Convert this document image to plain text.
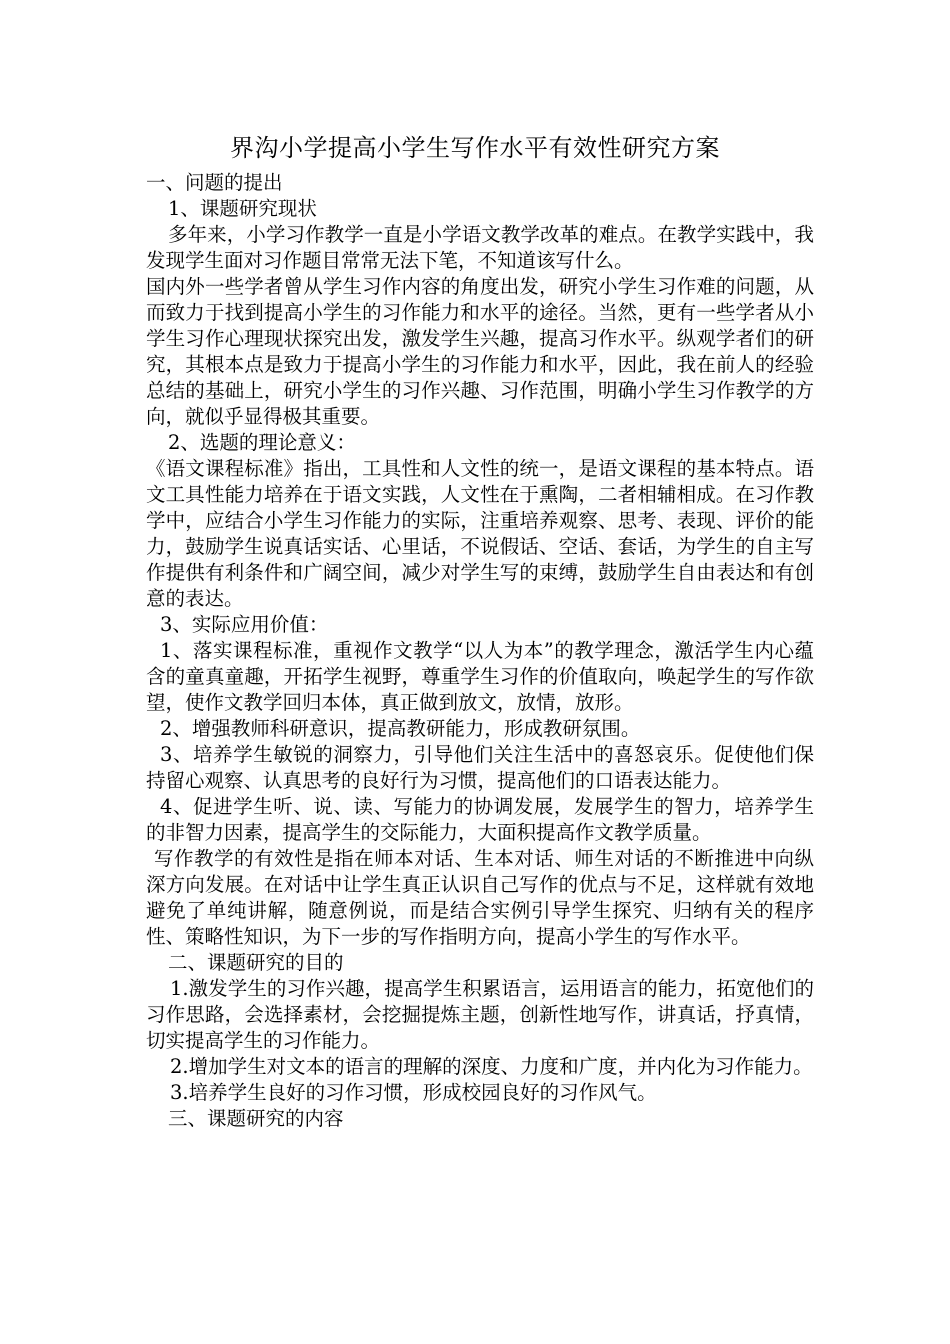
界沟小学提高小学生写作水平有效性研究方案

一、问题的提出

1、课题研究现状

多年来，小学习作教学一直是小学语文教学改革的难点。在教学实践中，我发现学生面对习作题目常常无法下笔，不知道该写什么。

国内外一些学者曾从学生习作内容的角度出发，研究小学生习作难的问题，从而致力于找到提高小学生的习作能力和水平的途径。当然，更有一些学者从小学生习作心理现状探究出发，激发学生兴趣，提高习作水平。纵观学者们的研究，其根本点是致力于提高小学生的习作能力和水平，因此，我在前人的经验总结的基础上，研究小学生的习作兴趣、习作范围，明确小学生习作教学的方向，就似乎显得极其重要。

2、选题的理论意义：

《语文课程标准》指出，工具性和人文性的统一，是语文课程的基本特点。语文工具性能力培养在于语文实践，人文性在于熏陶，二者相辅相成。在习作教学中，应结合小学生习作能力的实际，注重培养观察、思考、表现、评价的能力，鼓励学生说真话实话、心里话，不说假话、空话、套话，为学生的自主写作提供有利条件和广阔空间，减少对学生写的束缚，鼓励学生自由表达和有创意的表达。

3、实际应用价值：

1、落实课程标准，重视作文教学“以人为本”的教学理念，激活学生内心蕴含的童真童趣，开拓学生视野，尊重学生习作的价值取向，唤起学生的写作欲望，使作文教学回归本体，真正做到放文，放情，放形。

2、增强教师科研意识，提高教研能力，形成教研氛围。

3、培养学生敏锐的洞察力，引导他们关注生活中的喜怒哀乐。促使他们保持留心观察、认真思考的良好行为习惯，提高他们的口语表达能力。

4、促进学生听、说、读、写能力的协调发展，发展学生的智力，培养学生的非智力因素，提高学生的交际能力，大面积提高作文教学质量。

写作教学的有效性是指在师本对话、生本对话、师生对话的不断推进中向纵深方向发展。在对话中让学生真正认识自己写作的优点与不足，这样就有效地避免了单纯讲解，随意例说，而是结合实例引导学生探究、归纳有关的程序性、策略性知识，为下一步的写作指明方向，提高小学生的写作水平。

二、课题研究的目的

1.激发学生的习作兴趣，提高学生积累语言，运用语言的能力，拓宽他们的习作思路，会选择素材，会挖掘提炼主题，创新性地写作，讲真话，抒真情，切实提高学生的习作能力。

2.增加学生对文本的语言的理解的深度、力度和广度，并内化为习作能力。

3.培养学生良好的习作习惯，形成校园良好的习作风气。

三、课题研究的内容
